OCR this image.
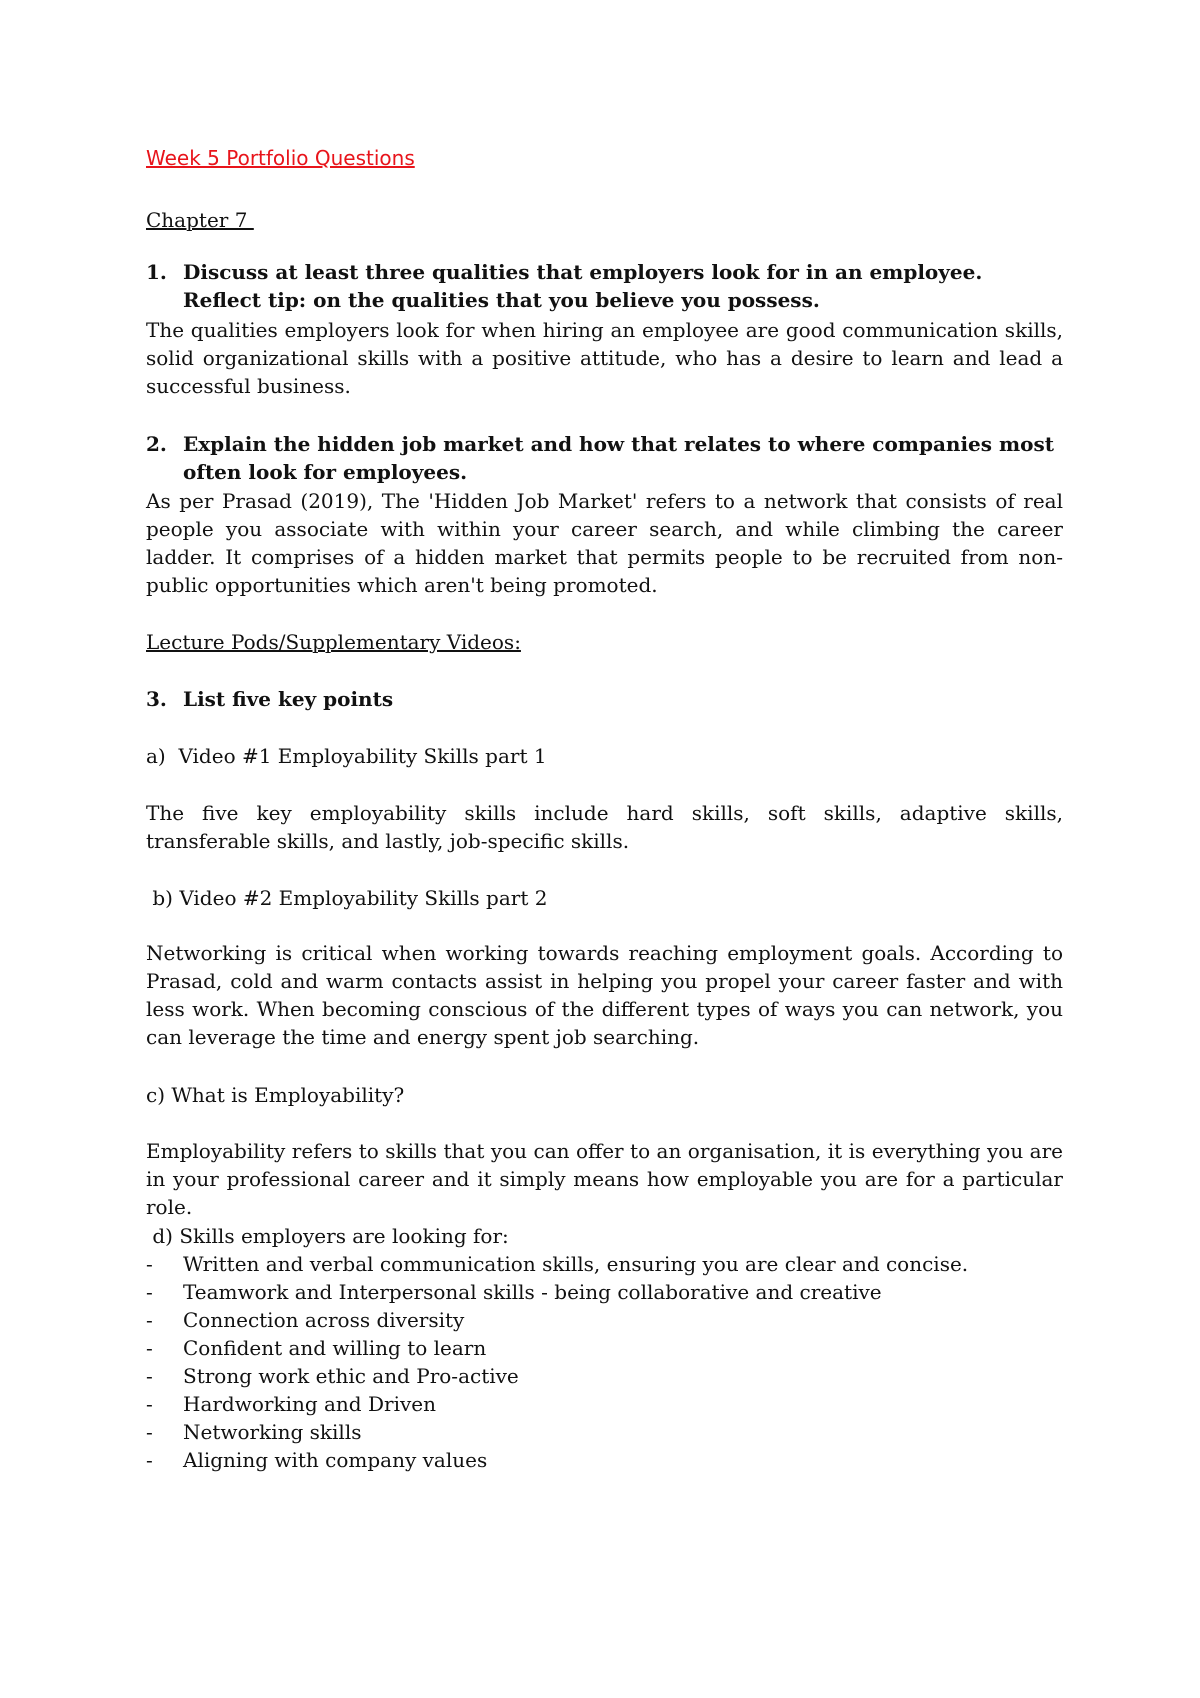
Week 5 Portfolio Questions
Chapter 7
1. Discuss at least three qualities that employers look for in an employee. Reflect tip: on the qualities that you believe you possess.
The qualities employers look for when hiring an employee are good communication skills, solid organizational skills with a positive attitude, who has a desire to learn and lead a successful business.
2. Explain the hidden job market and how that relates to where companies most often look for employees.
As per Prasad (2019), The 'Hidden Job Market' refers to a network that consists of real people you associate with within your career search, and while climbing the career ladder. It comprises of a hidden market that permits people to be recruited from non-public opportunities which aren't being promoted.
Lecture Pods/Supplementary Videos:
3. List five key points
a)  Video #1 Employability Skills part 1
The five key employability skills include hard skills, soft skills, adaptive skills, transferable skills, and lastly, job-specific skills.
b) Video #2 Employability Skills part 2
Networking is critical when working towards reaching employment goals. According to Prasad, cold and warm contacts assist in helping you propel your career faster and with less work. When becoming conscious of the different types of ways you can network, you can leverage the time and energy spent job searching.
c) What is Employability?
Employability refers to skills that you can offer to an organisation, it is everything you are in your professional career and it simply means how employable you are for a particular role.
d) Skills employers are looking for:
- Written and verbal communication skills, ensuring you are clear and concise.
- Teamwork and Interpersonal skills - being collaborative and creative
- Connection across diversity
- Confident and willing to learn
- Strong work ethic and Pro-active
- Hardworking and Driven
- Networking skills
- Aligning with company values
